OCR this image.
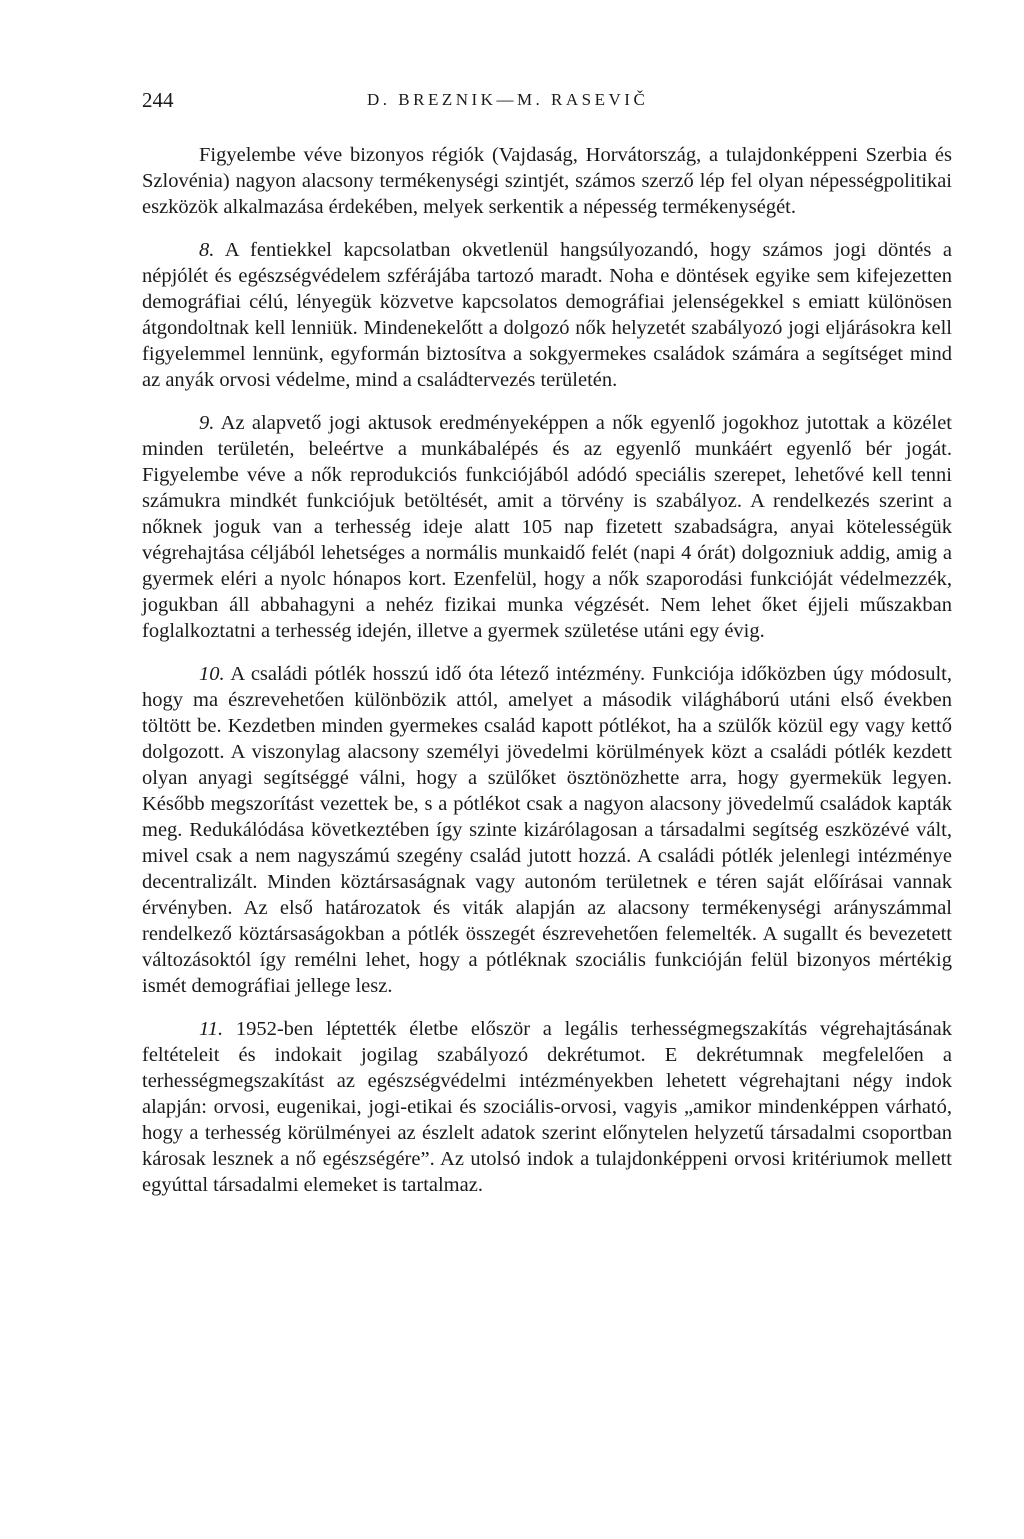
244	D. BREZNIK—M. RASEVIČ

Figyelembe véve bizonyos régiók (Vajdaság, Horvátország, a tulajdonképpeni Szerbia és Szlovénia) nagyon alacsony termékenységi szintjét, számos szerző lép fel olyan népességpolitikai eszközök alkalmazása érdekében, melyek serkentik a népesség termékenységét.

8. A fentiekkel kapcsolatban okvetlenül hangsúlyozandó, hogy számos jogi döntés a népjólét és egészségvédelem szférájába tartozó maradt. Noha e döntések egyike sem kifejezetten demográfiai célú, lényegük közvetve kapcsolatos demográfiai jelenségekkel s emiatt különösen átgondoltnak kell lenniük. Mindenekelőtt a dolgozó nők helyzetét szabályozó jogi eljárásokra kell figyelemmel lennünk, egyformán biztosítva a sokgyermekes családok számára a segítséget mind az anyák orvosi védelme, mind a családtervezés területén.

9. Az alapvető jogi aktusok eredményeképpen a nők egyenlő jogokhoz jutottak a közélet minden területén, beleértve a munkábalépés és az egyenlő munkáért egyenlő bér jogát. Figyelembe véve a nők reprodukciós funkciójából adódó speciális szerepet, lehetővé kell tenni számukra mindkét funkciójuk betöltését, amit a törvény is szabályoz. A rendelkezés szerint a nőknek joguk van a terhesség ideje alatt 105 nap fizetett szabadságra, anyai kötelességük végrehajtása céljából lehetséges a normális munkaidő felét (napi 4 órát) dolgozniuk addig, amig a gyermek eléri a nyolc hónapos kort. Ezenfelül, hogy a nők szaporodási funkcióját védelmezzék, jogukban áll abbahagyni a nehéz fizikai munka végzését. Nem lehet őket éjjeli műszakban foglalkoztatni a terhesség idején, illetve a gyermek születése utáni egy évig.

10. A családi pótlék hosszú idő óta létező intézmény. Funkciója időközben úgy módosult, hogy ma észrevehetően különbözik attól, amelyet a második világháború utáni első években töltött be. Kezdetben minden gyermekes család kapott pótlékot, ha a szülők közül egy vagy kettő dolgozott. A viszonylag alacsony személyi jövedelmi körülmények közt a családi pótlék kezdett olyan anyagi segítséggé válni, hogy a szülőket ösztönözhette arra, hogy gyermekük legyen. Később megszorítást vezettek be, s a pótlékot csak a nagyon alacsony jövedelmű családok kapták meg. Redukálódása következtében így szinte kizárólagosan a társadalmi segítség eszközévé vált, mivel csak a nem nagyszámú szegény család jutott hozzá. A családi pótlék jelenlegi intézménye decentralizált. Minden köztársaságnak vagy autonóm területnek e téren saját előírásai vannak érvényben. Az első határozatok és viták alapján az alacsony termékenységi arányszámmal rendelkező köztársaságokban a pótlék összegét észrevehetően felemelték. A sugallt és bevezetett változásoktól így remélni lehet, hogy a pótléknak szociális funkcióján felül bizonyos mértékig ismét demográfiai jellege lesz.

11. 1952-ben léptették életbe először a legális terhességmegszakítás végrehajtásának feltételeit és indokait jogilag szabályozó dekrétumot. E dekrétumnak megfelelően a terhességmegszakítást az egészségvédelmi intézményekben lehetett végrehajtani négy indok alapján: orvosi, eugenikai, jogi-etikai és szociális-orvosi, vagyis „amikor mindenképpen várható, hogy a terhesség körülményei az észlelt adatok szerint előnytelen helyzetű társadalmi csoportban károsak lesznek a nő egészségére”. Az utolsó indok a tulajdonképpeni orvosi kritériumok mellett egyúttal társadalmi elemeket is tartalmaz.
